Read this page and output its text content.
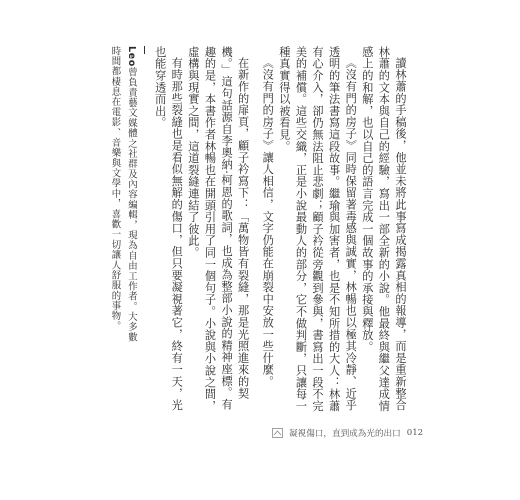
讀林蕭的手稿後，他並未將此事寫成揭露真相的報導，而是重新整合林蕭的文本與自己的經驗，寫出一部全新的小說。他最終與繼父達成情感上的和解，也以自己的語言完成一個故事的承接與釋放。

《沒有門的房子》同時保留著毒感與誠實，林暢也以極其冷靜、近乎透明的筆法書寫這段故事。繼瑜與加害者，也是不知所措的大人：林蕭有心介入，卻仍無法阻止悲劇；顧子衿從旁觀到參與，書寫出一段不完美的補償。這些交織，正是小說最動人的部分，它不做判斷，只讓每一種真實得以被看見。

《沒有門的房子》讓人相信，文字仍能在崩裂中安放一些什麼。

在新作的扉頁，顧子衿寫下：「萬物皆有裂縫，那是光照進來的契機。」這句話源自李奧納·柯恩的歌詞，也成為整部小說的精神座標。有趣的是，本書作者林暢也在開頭引用了同一個句子。小說與小說之間，虛構與現實之間，這道裂縫連結了彼此。

有時那些裂縫也是看似無解的傷口，但只要凝視著它，終有一天，光也能穿透而出。

Leo曾負責藝文媒體之社群及內容編輯，現為自由工作者。大多數時間都棲息在電影、音樂與文學中，喜歡一切讓人舒服的事物。
凝視傷口，直到成為光的出口 012
